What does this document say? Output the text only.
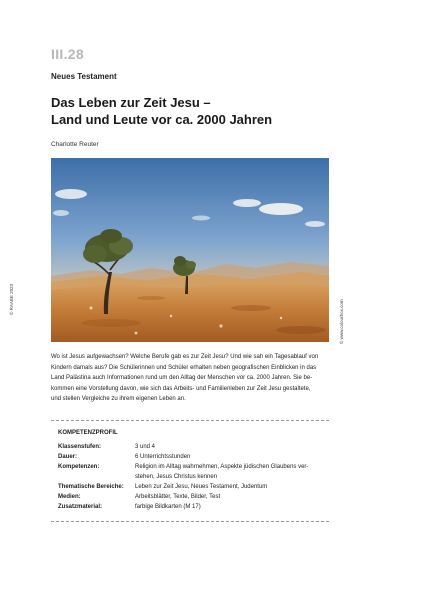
III.28
Neues Testament
Das Leben zur Zeit Jesu –
Land und Leute vor ca. 2000 Jahren
Charlotte Reuter
© RAABE 2023	© www.colourbox.com
Wo ist Jesus aufgewachsen? Welche Berufe gab es zur Zeit Jesu? Und wie sah ein Tagesablauf von
Kindern damals aus? Die Schülerinnen und Schüler erhalten neben geografischen Einblicken in das
Land Palästina auch Informationen rund um den Alltag der Menschen vor ca. 2000 Jahren. Sie be-
kommen eine Vorstellung davon, wie sich das Arbeits- und Familienleben zur Zeit Jesu gestaltete,
und stellen Vergleiche zu ihrem eigenen Leben an.
KOMPETENZPROFIL
Klassenstufen:	3 und 4
Dauer:	6 Unterrichtsstunden
Kompetenzen:	Religion im Alltag wahrnehmen, Aspekte jüdischen Glaubens ver-
stehen, Jesus Christus kennen
Thematische Bereiche: Leben zur Zeit Jesu, Neues Testament, Judentum
Medien:	Arbeitsblätter, Texte, Bilder, Test
Zusatzmaterial:	farbige Bildkarten (M 17)
